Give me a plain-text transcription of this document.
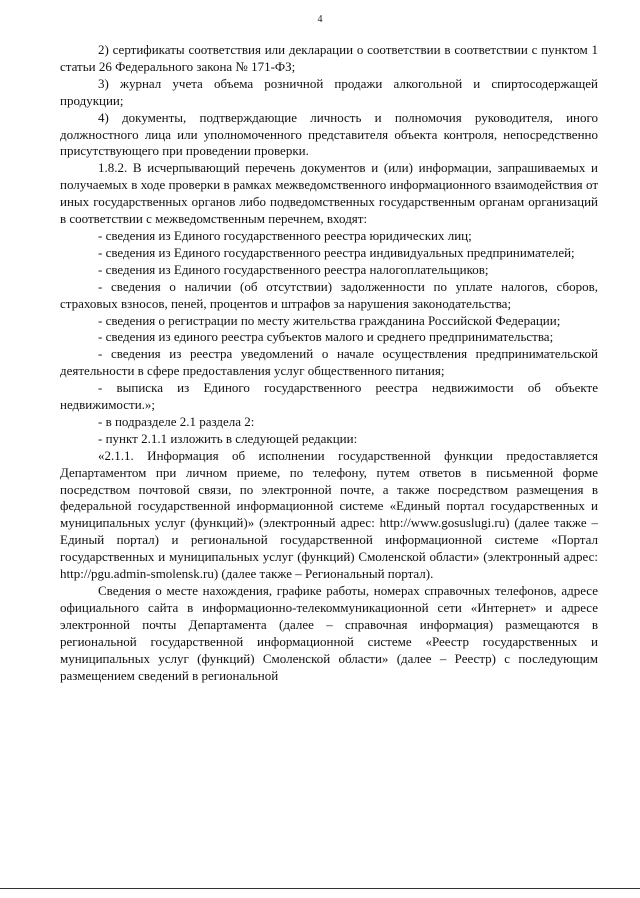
4

2) сертификаты соответствия или декларации о соответствии в соответствии с пунктом 1 статьи 26 Федерального закона № 171-ФЗ;

3) журнал учета объема розничной продажи алкогольной и спиртосодержащей продукции;

4) документы, подтверждающие личность и полномочия руководителя, иного должностного лица или уполномоченного представителя объекта контроля, непосредственно присутствующего при проведении проверки.

1.8.2. В исчерпывающий перечень документов и (или) информации, запрашиваемых и получаемых в ходе проверки в рамках межведомственного информационного взаимодействия от иных государственных органов либо подведомственных государственным органам организаций в соответствии с межведомственным перечнем, входят:

- сведения из Единого государственного реестра юридических лиц;

- сведения из Единого государственного реестра индивидуальных предпринимателей;

- сведения из Единого государственного реестра налогоплательщиков;

- сведения о наличии (об отсутствии) задолженности по уплате налогов, сборов, страховых взносов, пеней, процентов и штрафов за нарушения законодательства;

- сведения о регистрации по месту жительства гражданина Российской Федерации;

- сведения из единого реестра субъектов малого и среднего предпринимательства;

- сведения из реестра уведомлений о начале осуществления предпринимательской деятельности в сфере предоставления услуг общественного питания;

- выписка из Единого государственного реестра недвижимости об объекте недвижимости.»;

- в подразделе 2.1 раздела 2:

- пункт 2.1.1 изложить в следующей редакции:

«2.1.1. Информация об исполнении государственной функции предоставляется Департаментом при личном приеме, по телефону, путем ответов в письменной форме посредством почтовой связи, по электронной почте, а также посредством размещения в федеральной государственной информационной системе «Единый портал государственных и муниципальных услуг (функций)» (электронный адрес: http://www.gosuslugi.ru) (далее также – Единый портал) и региональной государственной информационной системе «Портал государственных и муниципальных услуг (функций) Смоленской области» (электронный адрес: http://pgu.admin-smolensk.ru) (далее также – Региональный портал).

Сведения о месте нахождения, графике работы, номерах справочных телефонов, адресе официального сайта в информационно-телекоммуникационной сети «Интернет» и адресе электронной почты Департамента (далее – справочная информация) размещаются в региональной государственной информационной системе «Реестр государственных и муниципальных услуг (функций) Смоленской области» (далее – Реестр) с последующим размещением сведений в региональной
